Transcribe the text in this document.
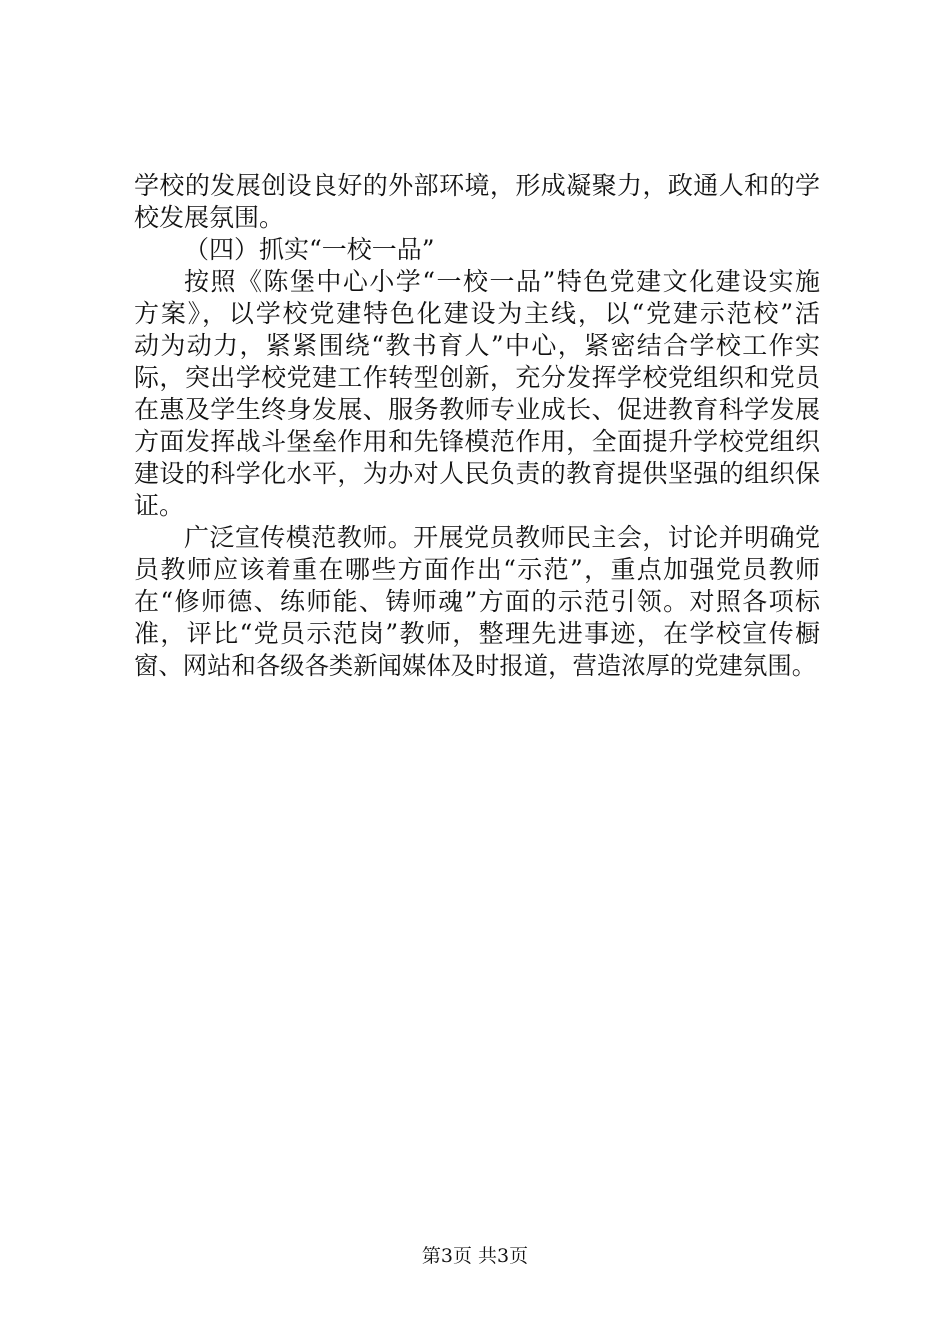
学校的发展创设良好的外部环境，形成凝聚力，政通人和的学
校发展氛围。
（四）抓实“一校一品”
按照《陈堡中心小学“一校一品”特色党建文化建设实施
方案》，以学校党建特色化建设为主线，以“党建示范校”活
动为动力，紧紧围绕“教书育人”中心，紧密结合学校工作实
际，突出学校党建工作转型创新，充分发挥学校党组织和党员
在惠及学生终身发展、服务教师专业成长、促进教育科学发展
方面发挥战斗堡垒作用和先锋模范作用，全面提升学校党组织
建设的科学化水平，为办对人民负责的教育提供坚强的组织保
证。
广泛宣传模范教师。开展党员教师民主会，讨论并明确党
员教师应该着重在哪些方面作出“示范”，重点加强党员教师
在“修师德、练师能、铸师魂”方面的示范引领。对照各项标
准，评比“党员示范岗”教师，整理先进事迹，在学校宣传橱
窗、网站和各级各类新闻媒体及时报道，营造浓厚的党建氛围。
第3页 共3页
